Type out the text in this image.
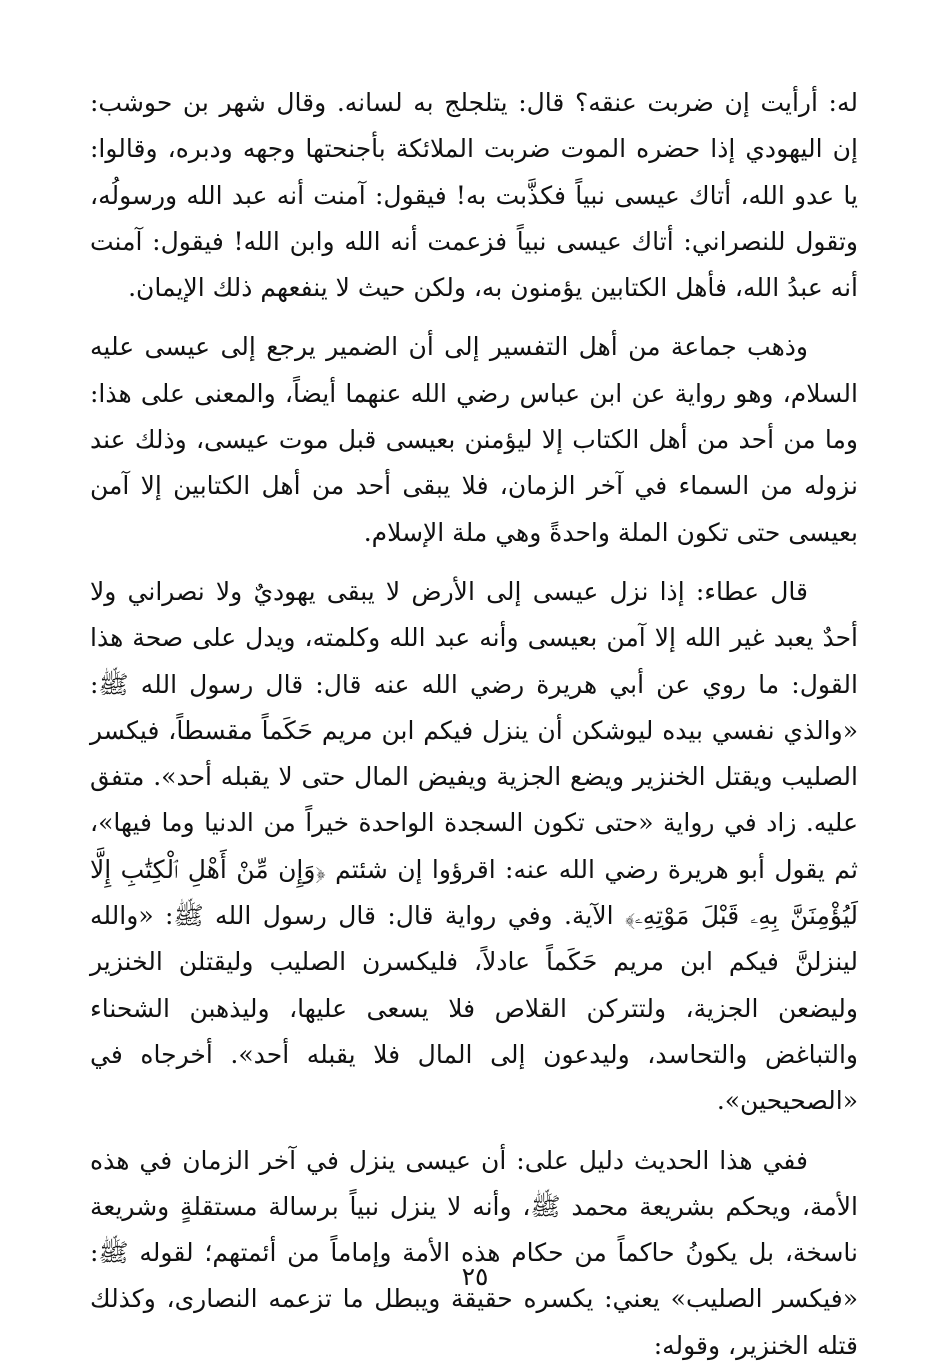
له: أرأيت إن ضربت عنقه؟ قال: يتلجلج به لسانه. وقال شهر بن حوشب: إن اليهودي إذا حضره الموت ضربت الملائكة بأجنحتها وجهه ودبره، وقالوا: يا عدو الله، أتاك عيسى نبياً فكذَّبت به! فيقول: آمنت أنه عبد الله ورسولُه، وتقول للنصراني: أتاك عيسى نبياً فزعمت أنه الله وابن الله! فيقول: آمنت أنه عبدُ الله، فأهل الكتابين يؤمنون به، ولكن حيث لا ينفعهم ذلك الإيمان.

وذهب جماعة من أهل التفسير إلى أن الضمير يرجع إلى عيسى عليه السلام، وهو رواية عن ابن عباس رضي الله عنهما أيضاً، والمعنى على هذا: وما من أحد من أهل الكتاب إلا ليؤمنن بعيسى قبل موت عيسى، وذلك عند نزوله من السماء في آخر الزمان، فلا يبقى أحد من أهل الكتابين إلا آمن بعيسى حتى تكون الملة واحدةً وهي ملة الإسلام.

قال عطاء: إذا نزل عيسى إلى الأرض لا يبقى يهوديٌ ولا نصراني ولا أحدٌ يعبد غير الله إلا آمن بعيسى وأنه عبد الله وكلمته، ويدل على صحة هذا القول: ما روي عن أبي هريرة رضي الله عنه قال: قال رسول الله ﷺ: «والذي نفسي بيده ليوشكن أن ينزل فيكم ابن مريم حَكَماً مقسطاً، فيكسر الصليب ويقتل الخنزير ويضع الجزية ويفيض المال حتى لا يقبله أحد». متفق عليه. زاد في رواية «حتى تكون السجدة الواحدة خيراً من الدنيا وما فيها»، ثم يقول أبو هريرة رضي الله عنه: اقرؤوا إن شئتم ﴿وَإِن مِّنْ أَهْلِ ٱلْكِتَٰبِ إِلَّا لَيُؤْمِنَنَّ بِهِۦ قَبْلَ مَوْتِهِۦ﴾ الآية. وفي رواية قال: قال رسول الله ﷺ: «والله لينزلنَّ فيكم ابن مريم حَكَماً عادلاً، فليكسرن الصليب وليقتلن الخنزير وليضعن الجزية، ولتتركن القلاص فلا يسعى عليها، وليذهبن الشحناء والتباغض والتحاسد، وليدعون إلى المال فلا يقبله أحد». أخرجاه في «الصحيحين».

ففي هذا الحديث دليل على: أن عيسى ينزل في آخر الزمان في هذه الأمة، ويحكم بشريعة محمد ﷺ، وأنه لا ينزل نبياً برسالة مستقلةٍ وشريعة ناسخة، بل يكونُ حاكماً من حكام هذه الأمة وإماماً من أئمتهم؛ لقوله ﷺ: «فيكسر الصليب» يعني: يكسره حقيقة ويبطل ما تزعمه النصارى، وكذلك قتله الخنزير، وقوله:

٢٥
